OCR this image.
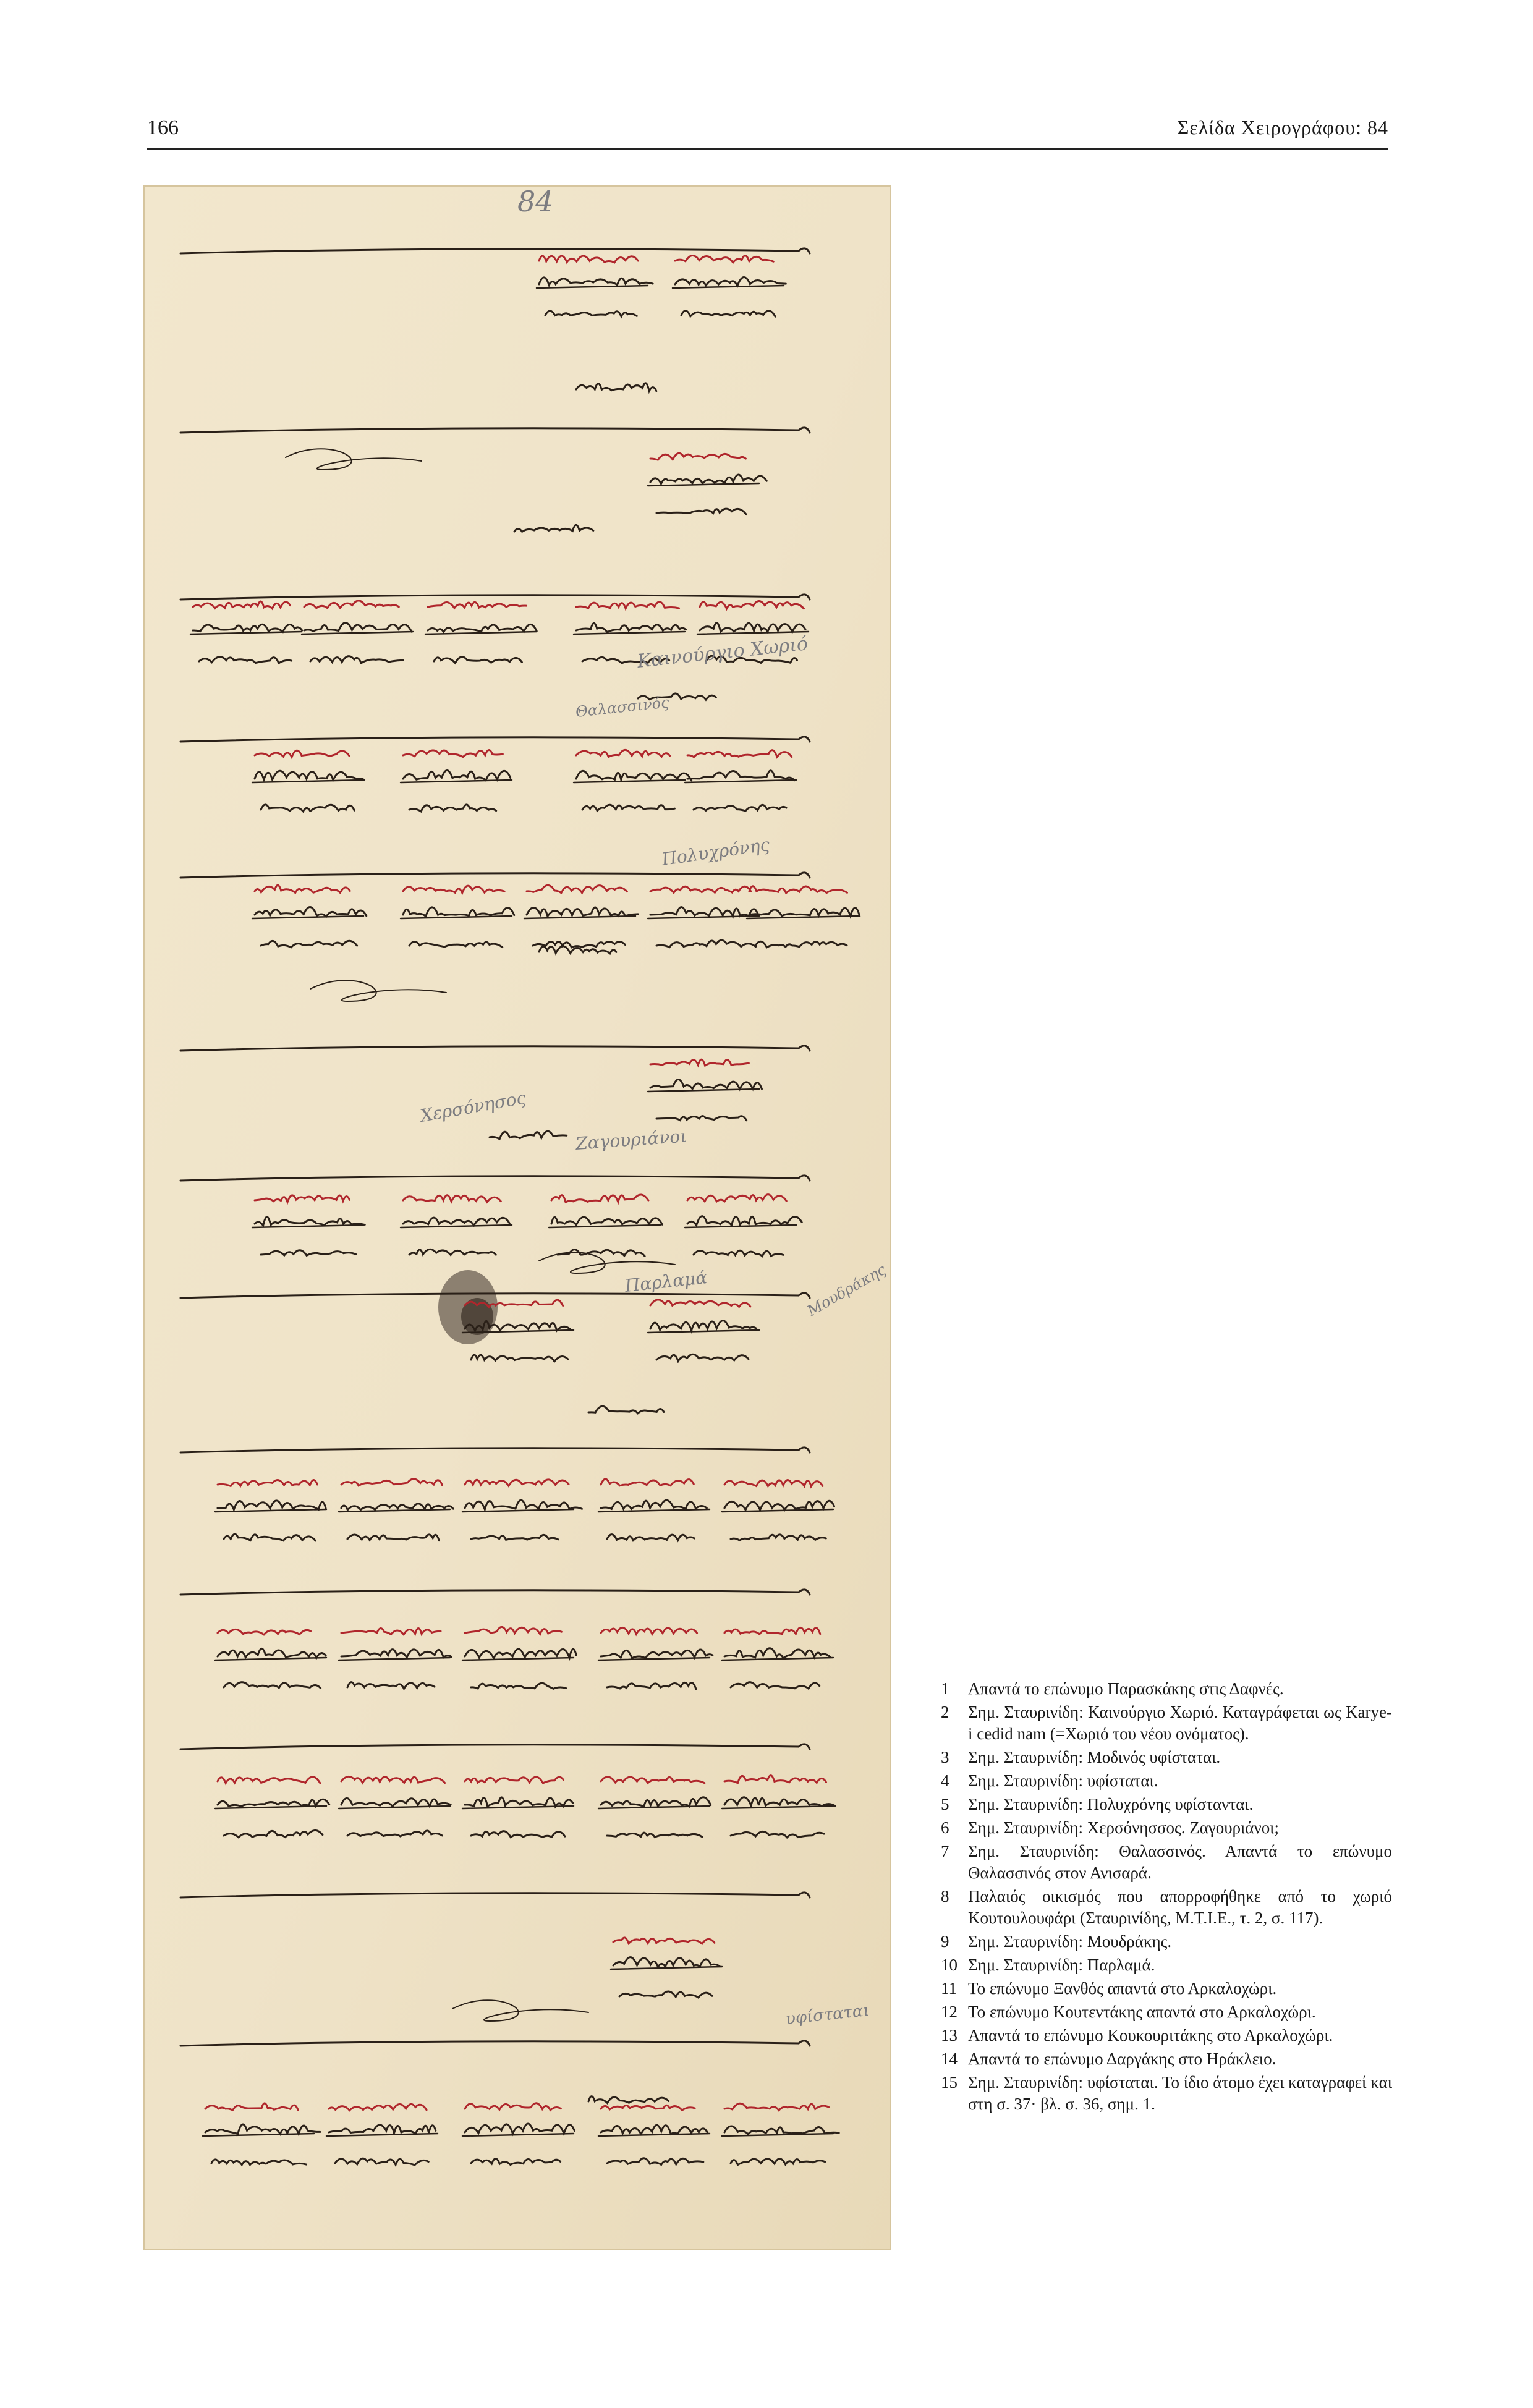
166	Σελίδα Χειρογράφου: 84
84
Καινούργιο Χωριό
Πολυχρόνης
Χερσόνησος
Ζαγουριάνοι
Παρλαμά	Μουδράκης
υφίσταται
Θαλασσινός
1	Απαντά το επώνυμο Παρασκάκης στις Δαφνές.
2	Σημ. Σταυρινίδη: Καινούργιο Χωριό. Καταγράφεται ως Karye-i cedid nam (=Χωριό του νέου ονόματος).
3	Σημ. Σταυρινίδη: Μοδινός υφίσταται.
4	Σημ. Σταυρινίδη: υφίσταται.
5	Σημ. Σταυρινίδη: Πολυχρόνης υφίστανται.
6	Σημ. Σταυρινίδη: Χερσόνησσος. Ζαγουριάνοι;
7	Σημ. Σταυρινίδη: Θαλασσινός. Απαντά το επώνυμο Θαλασσινός στον Ανισαρά.
8	Παλαιός οικισμός που απορροφήθηκε από το χωριό Κουτουλουφάρι (Σταυρινίδης, Μ.Τ.Ι.Ε., τ. 2, σ. 117).
9	Σημ. Σταυρινίδη: Μουδράκης.
10 Σημ. Σταυρινίδη: Παρλαμά.
11 Το επώνυμο Ξανθός απαντά στο Αρκαλοχώρι.
12 Το επώνυμο Κουτεντάκης απαντά στο Αρκαλοχώρι.
13 Απαντά το επώνυμο Κουκουριτάκης στο Αρκαλοχώρι.
14 Απαντά το επώνυμο Δαργάκης στο Ηράκλειο.
15 Σημ. Σταυρινίδη: υφίσταται. Το ίδιο άτομο έχει καταγραφεί και στη σ. 37· βλ. σ. 36, σημ. 1.
